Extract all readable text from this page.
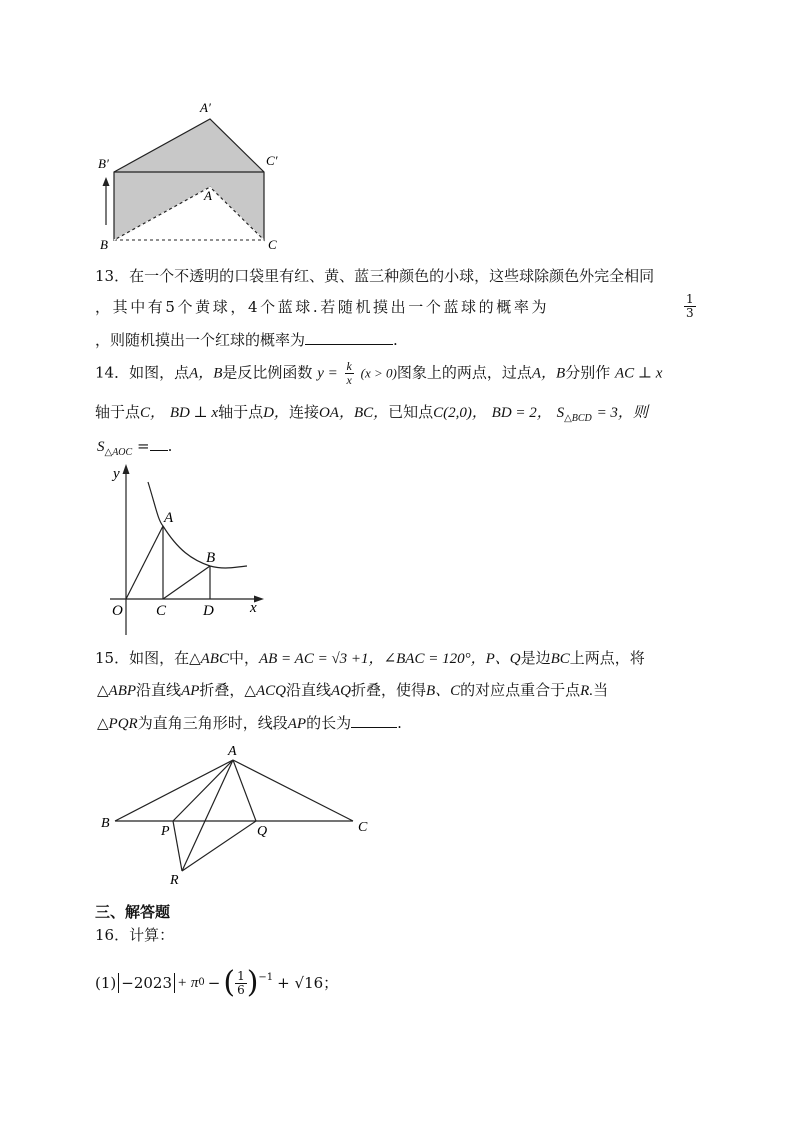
A′
B′	C′
A
B	C
13．在一个不透明的口袋里有红、黄、蓝三种颜色的小球，这些球除颜色外完全相同
，其中有5个黄球，4个蓝球.若随机摸出一个蓝球的概率为	$\frac{1}{3}$
，则随机摸出一个红球的概率为	.
14．如图，点A，B是反比例函数 $y = \frac{k}{x} (x > 0)$图象上的两点，过点A，B分别作 AC ⊥ x
轴于点C， BD ⊥ x轴于点D，连接OA，BC，已知点C(2,0)， BD = 2， $S_{\triangle BCD} = 3$，则
$S_{\triangle AOC}$ = .
y
x
O
A
B
C D
15．如图，在△ABC中，AB = AC = √3 +1，∠BAC = 120°，P、Q是边BC上两点，将
△ABP沿直线AP折叠，△ACQ沿直线AQ折叠，使得B、C的对应点重合于点R.当
△PQR为直角三角形时，线段AP的长为	.
A
B	C
P	Q
R
三、解答题
16．计算：
(1) −2023 + π 0 − ( $\frac{1}{6} )^{-1} + √16$ ；
